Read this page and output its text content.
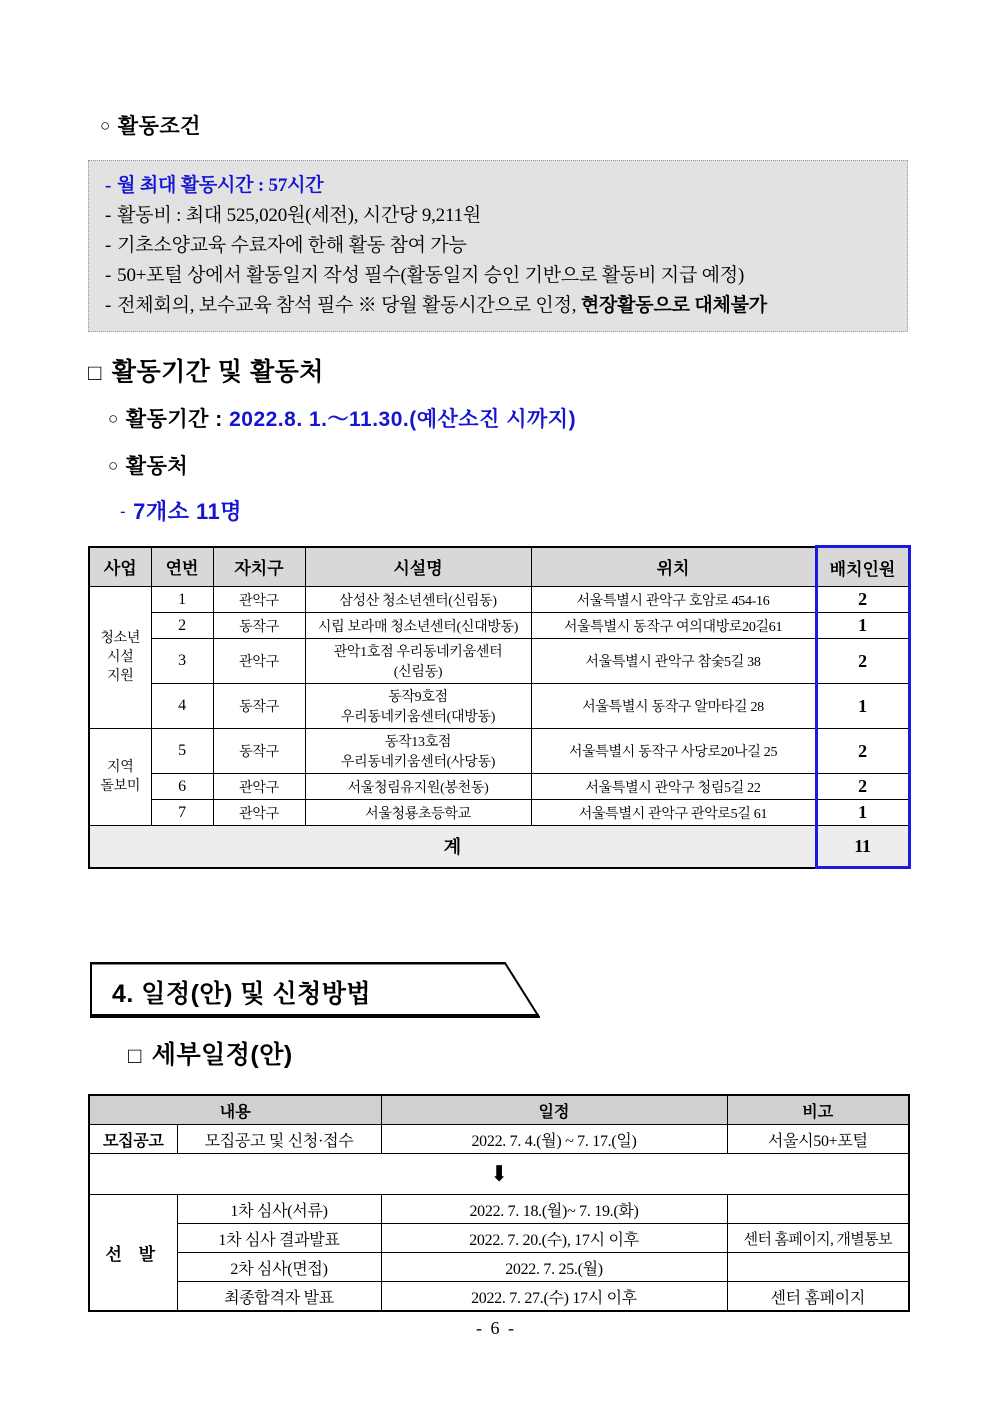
○ 활동조건
- 월 최대 활동시간 : 57시간
- 활동비 : 최대 525,020원(세전), 시간당 9,211원
- 기초소양교육 수료자에 한해 활동 참여 가능
- 50+포털 상에서 활동일지 작성 필수(활동일지 승인 기반으로 활동비 지급 예정)
- 전체회의, 보수교육 참석 필수 ※ 당월 활동시간으로 인정, 현장활동으로 대체불가
□ 활동기간 및 활동처
○ 활동기간 : 2022.8. 1.～11.30.(예산소진 시까지)
○ 활동처
- 7개소 11명
사업	연번	자치구	시설명	위치	배치인원
청소년
시설
지원	1	관악구	삼성산 청소년센터(신림동)	서울특별시 관악구 호암로 454-16	2
	2	동작구	시립 보라매 청소년센터(신대방동)	서울특별시 동작구 여의대방로20길61	1
	3	관악구	관악1호점 우리동네키움센터
(신림동)	서울특별시 관악구 참숯5길 38	2
	4	동작구	동작9호점
우리동네키움센터(대방동)	서울특별시 동작구 알마타길 28	1
지역
돌보미	5	동작구	동작13호점
우리동네키움센터(사당동)	서울특별시 동작구 사당로20나길 25	2
	6	관악구	서울청림유지원(봉천동)	서울특별시 관악구 청림5길 22	2
	7	관악구	서울청룡초등학교	서울특별시 관악구 관악로5길 61	1
계					11
4. 일정(안) 및 신청방법
□ 세부일정(안)
내용		일정	비고
모집공고	모집공고 및 신청·접수	2022. 7. 4.(월) ~ 7. 17.(일)	서울시50+포털
⬇			
선 발	1차 심사(서류)	2022. 7. 18.(월)~ 7. 19.(화)	
	1차 심사 결과발표	2022. 7. 20.(수), 17시 이후	센터 홈페이지, 개별통보
	2차 심사(면접)	2022. 7. 25.(월)	
	최종합격자 발표	2022. 7. 27.(수) 17시 이후	센터 홈페이지
- 6 -
